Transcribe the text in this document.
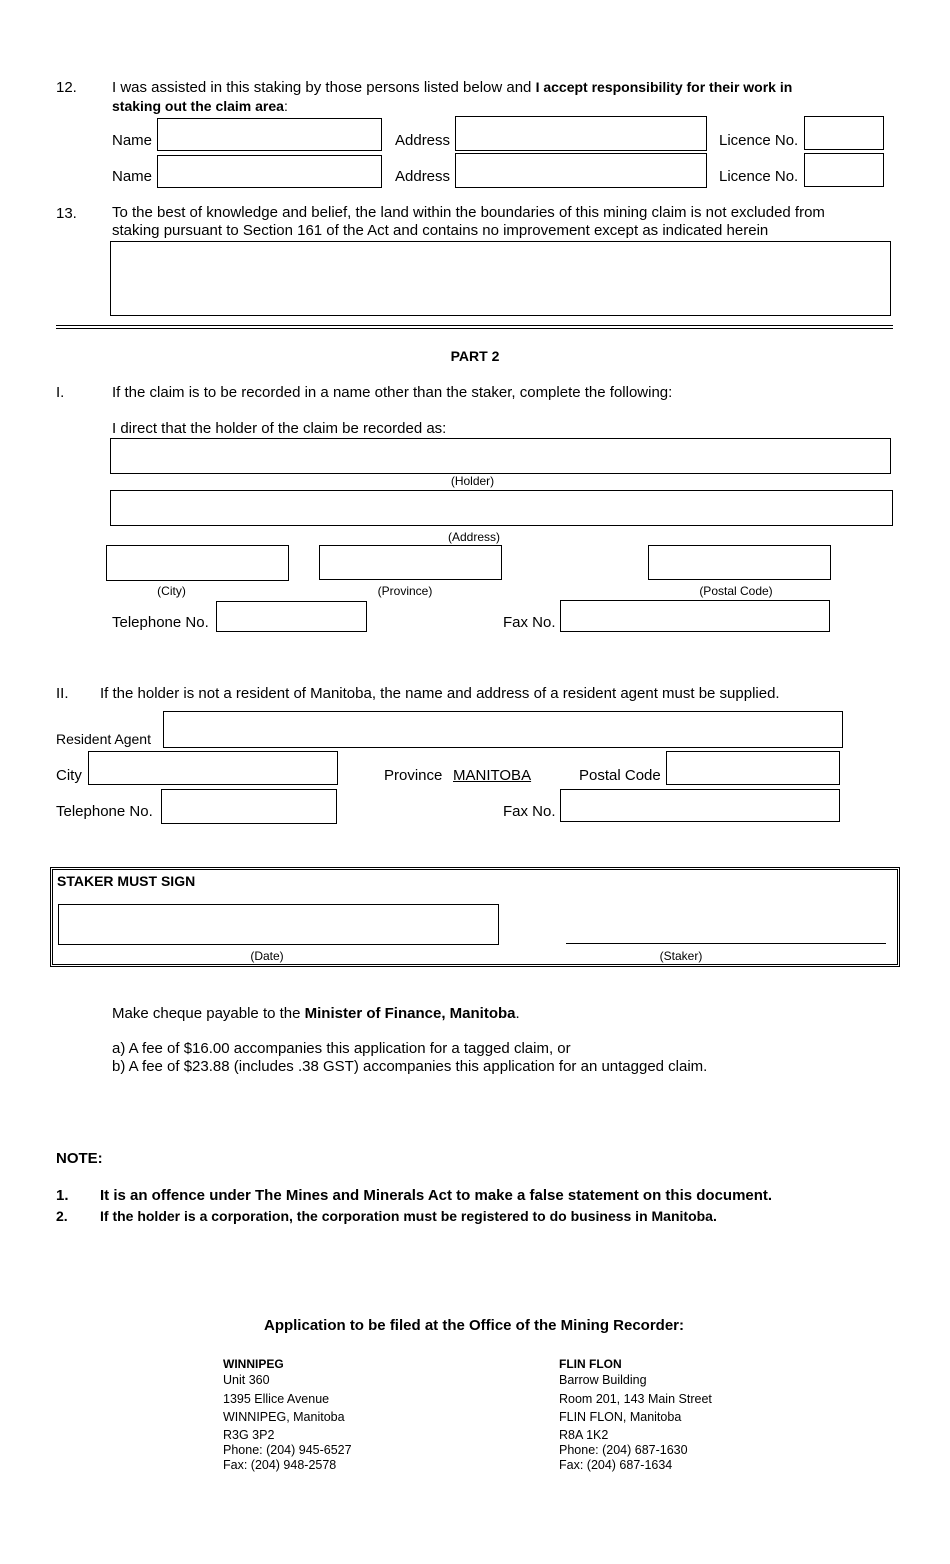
12. I was assisted in this staking by those persons listed below and I accept responsibility for their work in
staking out the claim area:
Name	Address	Licence No.
Name	Address	Licence No.
13. To the best of knowledge and belief, the land within the boundaries of this mining claim is not excluded from
staking pursuant to Section 161 of the Act and contains no improvement except as indicated herein
PART 2
I.	If the claim is to be recorded in a name other than the staker, complete the following:
I direct that the holder of the claim be recorded as:
(Holder)
(Address)
(City)	(Province)	(Postal Code)
Telephone No.	Fax No.
II. If the holder is not a resident of Manitoba, the name and address of a resident agent must be supplied.
Resident Agent
City	Province MANITOBA	Postal Code
Telephone No.	Fax No.
STAKER MUST SIGN
(Date)	(Staker)
Make cheque payable to the Minister of Finance, Manitoba.
a) A fee of $16.00 accompanies this application for a tagged claim, or
b) A fee of $23.88 (includes .38 GST) accompanies this application for an untagged claim.
NOTE:
1. It is an offence under The Mines and Minerals Act to make a false statement on this document.
2. If the holder is a corporation, the corporation must be registered to do business in Manitoba.
Application to be filed at the Office of the Mining Recorder:
WINNIPEG
Unit 360
1395 Ellice Avenue
WINNIPEG, Manitoba
R3G 3P2
Phone: (204) 945-6527
Fax: (204) 948-2578
FLIN FLON
Barrow Building
Room 201, 143 Main Street
FLIN FLON, Manitoba
R8A 1K2
Phone: (204) 687-1630
Fax: (204) 687-1634
